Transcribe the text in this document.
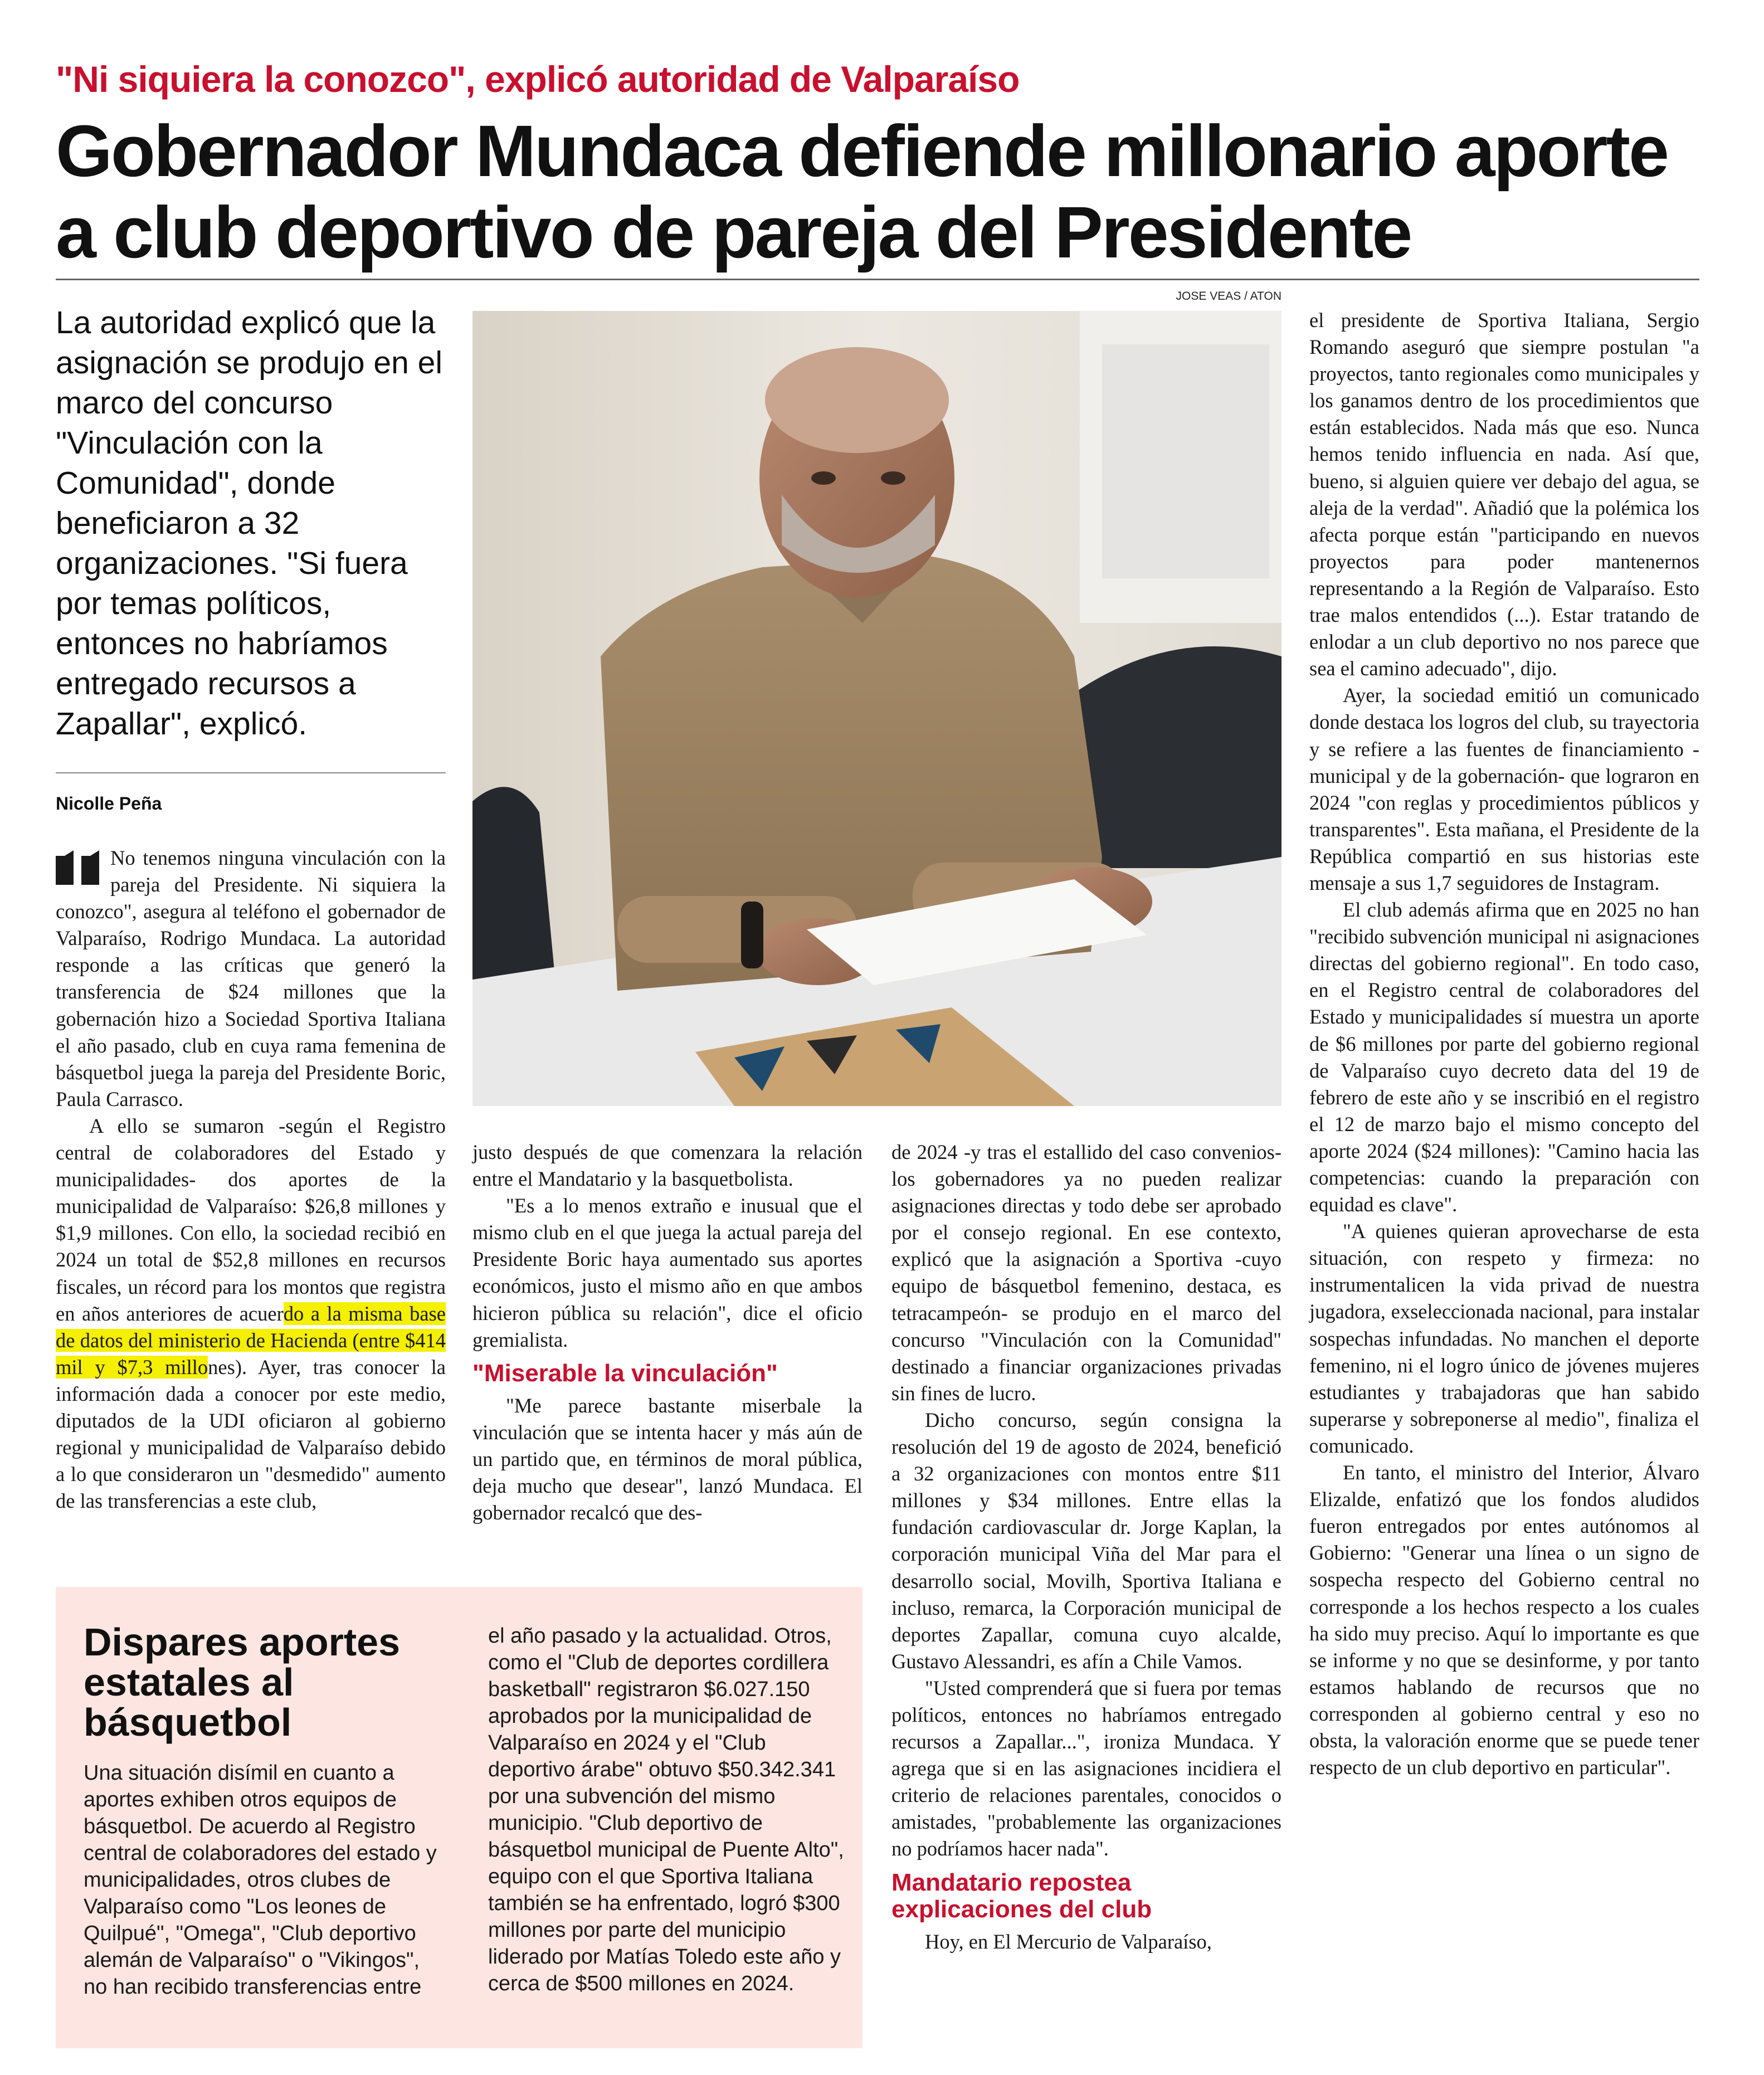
"Ni siquiera la conozco", explicó autoridad de Valparaíso
Gobernador Mundaca defiende millonario aporte a club deportivo de pareja del Presidente
JOSE VEAS / ATON
La autoridad explicó que la asignación se produjo en el marco del concurso "Vinculación con la Comunidad", donde beneficiaron a 32 organizaciones. "Si fuera por temas políticos, entonces no habríamos entregado recursos a Zapallar", explicó.
Nicolle Peña

No tenemos ninguna vinculación con la pareja del Presidente. Ni siquiera la conozco", asegura al teléfono el gobernador de Valparaíso, Rodrigo Mundaca. La autoridad responde a las críticas que generó la transferencia de $24 millones que la gobernación hizo a Sociedad Sportiva Italiana el año pasado, club en cuya rama femenina de básquetbol juega la pareja del Presidente Boric, Paula Carrasco.

A ello se sumaron -según el Registro central de colaboradores del Estado y municipalidades- dos aportes de la municipalidad de Valparaíso: $26,8 millones y $1,9 millones. Con ello, la sociedad recibió en 2024 un total de $52,8 millones en recursos fiscales, un récord para los montos que registra en años anteriores de acuerdo a la misma base de datos del ministerio de Hacienda (entre $414 mil y $7,3 millones). Ayer, tras conocer la información dada a conocer por este medio, diputados de la UDI oficiaron al gobierno regional y municipalidad de Valparaíso debido a lo que consideraron un "desmedido" aumento de las transferencias a este club,

justo después de que comenzara la relación entre el Mandatario y la basquetbolista.

"Es a lo menos extraño e inusual que el mismo club en el que juega la actual pareja del Presidente Boric haya aumentado sus aportes económicos, justo el mismo año en que ambos hicieron pública su relación", dice el oficio gremialista.

"Miserable la vinculación"

"Me parece bastante miserbale la vinculación que se intenta hacer y más aún de un partido que, en términos de moral pública, deja mucho que desear", lanzó Mundaca. El gobernador recalcó que des-

de 2024 -y tras el estallido del caso convenios- los gobernadores ya no pueden realizar asignaciones directas y todo debe ser aprobado por el consejo regional. En ese contexto, explicó que la asignación a Sportiva -cuyo equipo de básquetbol femenino, destaca, es tetracampeón- se produjo en el marco del concurso "Vinculación con la Comunidad" destinado a financiar organizaciones privadas sin fines de lucro.

Dicho concurso, según consigna la resolución del 19 de agosto de 2024, benefició a 32 organizaciones con montos entre $11 millones y $34 millones. Entre ellas la fundación cardiovascular dr. Jorge Kaplan, la corporación municipal Viña del Mar para el desarrollo social, Movilh, Sportiva Italiana e incluso, remarca, la Corporación municipal de deportes Zapallar, comuna cuyo alcalde, Gustavo Alessandri, es afín a Chile Vamos.

"Usted comprenderá que si fuera por temas políticos, entonces no habríamos entregado recursos a Zapallar...", ironiza Mundaca. Y agrega que si en las asignaciones incidiera el criterio de relaciones parentales, conocidos o amistades, "probablemente las organizaciones no podríamos hacer nada".

Mandatario repostea explicaciones del club

Hoy, en El Mercurio de Valparaíso,

el presidente de Sportiva Italiana, Sergio Romando aseguró que siempre postulan "a proyectos, tanto regionales como municipales y los ganamos dentro de los procedimientos que están establecidos. Nada más que eso. Nunca hemos tenido influencia en nada. Así que, bueno, si alguien quiere ver debajo del agua, se aleja de la verdad". Añadió que la polémica los afecta porque están "participando en nuevos proyectos para poder mantenernos representando a la Región de Valparaíso. Esto trae malos entendidos (...). Estar tratando de enlodar a un club deportivo no nos parece que sea el camino adecuado", dijo.

Ayer, la sociedad emitió un comunicado donde destaca los logros del club, su trayectoria y se refiere a las fuentes de financiamiento -municipal y de la gobernación- que lograron en 2024 "con reglas y procedimientos públicos y transparentes". Esta mañana, el Presidente de la República compartió en sus historias este mensaje a sus 1,7 seguidores de Instagram.

El club además afirma que en 2025 no han "recibido subvención municipal ni asignaciones directas del gobierno regional". En todo caso, en el Registro central de colaboradores del Estado y municipalidades sí muestra un aporte de $6 millones por parte del gobierno regional de Valparaíso cuyo decreto data del 19 de febrero de este año y se inscribió en el registro el 12 de marzo bajo el mismo concepto del aporte 2024 ($24 millones): "Camino hacia las competencias: cuando la preparación con equidad es clave".

"A quienes quieran aprovecharse de esta situación, con respeto y firmeza: no instrumentalicen la vida privad de nuestra jugadora, exseleccionada nacional, para instalar sospechas infundadas. No manchen el deporte femenino, ni el logro único de jóvenes mujeres estudiantes y trabajadoras que han sabido superarse y sobreponerse al medio", finaliza el comunicado.

En tanto, el ministro del Interior, Álvaro Elizalde, enfatizó que los fondos aludidos fueron entregados por entes autónomos al Gobierno: "Generar una línea o un signo de sospecha respecto del Gobierno central no corresponde a los hechos respecto a los cuales ha sido muy preciso. Aquí lo importante es que se informe y no que se desinforme, y por tanto estamos hablando de recursos que no corresponden al gobierno central y eso no obsta, la valoración enorme que se puede tener respecto de un club deportivo en particular".

Dispares aportes estatales al básquetbol
Una situación disímil en cuanto a aportes exhiben otros equipos de básquetbol. De acuerdo al Registro central de colaboradores del estado y municipalidades, otros clubes de Valparaíso como "Los leones de Quilpué", "Omega", "Club deportivo alemán de Valparaíso" o "Vikingos", no han recibido transferencias entre
el año pasado y la actualidad. Otros, como el "Club de deportes cordillera basketball" registraron $6.027.150 aprobados por la municipalidad de Valparaíso en 2024 y el "Club deportivo árabe" obtuvo $50.342.341 por una subvención del mismo municipio. "Club deportivo de básquetbol municipal de Puente Alto", equipo con el que Sportiva Italiana también se ha enfrentado, logró $300 millones por parte del municipio liderado por Matías Toledo este año y cerca de $500 millones en 2024.
